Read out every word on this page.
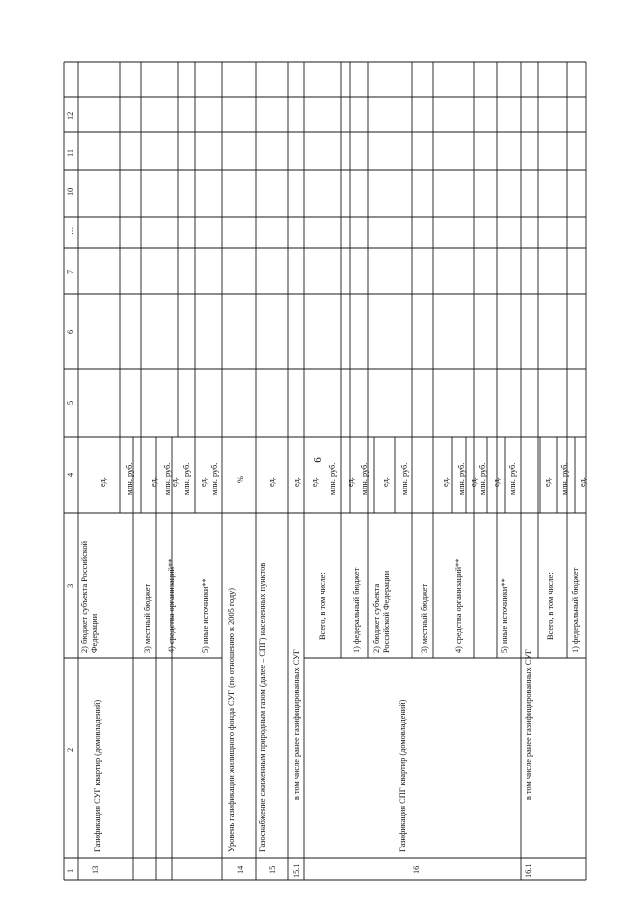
6
1
2
3
4
5
6
7
…
10
11
12
13
Газификация СУГ квартир (домовладений)
2) бюджет субъекта Российской Федерации
ед. млн. руб.
3) местный бюджет
ед. млн. руб.
4) средства организаций**
ед. млн. руб.
5) иные источники**
ед. млн. руб.
14
Уровень газификации жилищного фонда СУГ (по отношению к 2005 году)
%
15
Газоснабжение сжиженным природным газом (далее – СПГ) населенных пунктов
ед.
15.1
в том числе ранее газифицированных СУГ
ед.
16
Газификация СПГ квартир (домовладений)
Всего, в том числе:
ед. млн. руб.
1) федеральный бюджет
ед. млн. руб.
2) бюджет субъекта Российской Федерации
ед. млн. руб.
3) местный бюджет
ед. млн. руб.
4) средства организаций**
ед. млн. руб.
5) иные источники**
ед. млн. руб.
16.1
в том числе ранее газифицированных СУГ
Всего, в том числе:
ед. млн. руб.
1) федеральный бюджет
ед.
